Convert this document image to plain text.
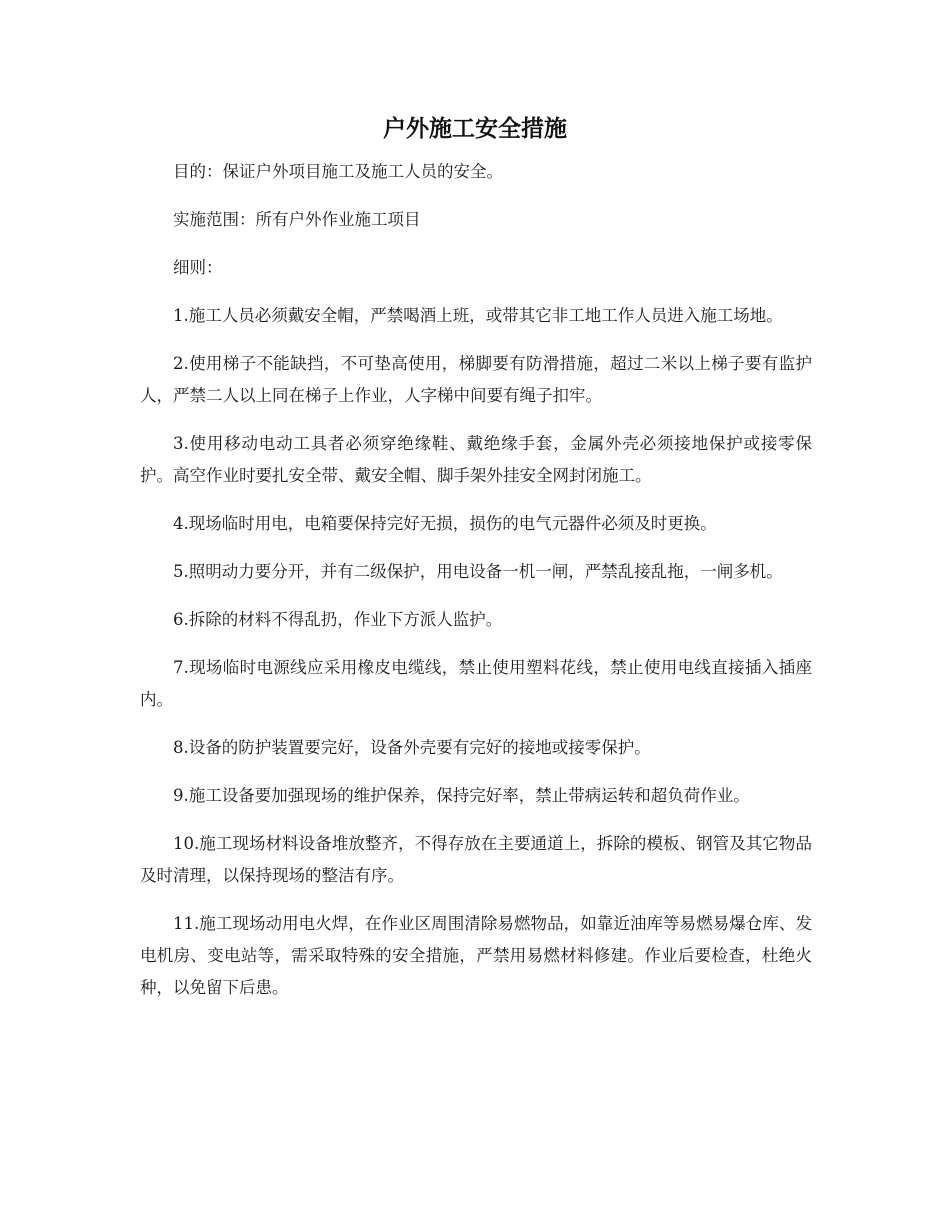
户外施工安全措施

目的：保证户外项目施工及施工人员的安全。

实施范围：所有户外作业施工项目

细则：

1.施工人员必须戴安全帽，严禁喝酒上班，或带其它非工地工作人员进入施工场地。

2.使用梯子不能缺挡，不可垫高使用，梯脚要有防滑措施，超过二米以上梯子要有监护人，严禁二人以上同在梯子上作业，人字梯中间要有绳子扣牢。

3.使用移动电动工具者必须穿绝缘鞋、戴绝缘手套，金属外壳必须接地保护或接零保护。高空作业时要扎安全带、戴安全帽、脚手架外挂安全网封闭施工。

4.现场临时用电，电箱要保持完好无损，损伤的电气元器件必须及时更换。

5.照明动力要分开，并有二级保护，用电设备一机一闸，严禁乱接乱拖，一闸多机。

6.拆除的材料不得乱扔，作业下方派人监护。

7.现场临时电源线应采用橡皮电缆线，禁止使用塑料花线，禁止使用电线直接插入插座内。

8.设备的防护装置要完好，设备外壳要有完好的接地或接零保护。

9.施工设备要加强现场的维护保养，保持完好率，禁止带病运转和超负荷作业。

10.施工现场材料设备堆放整齐，不得存放在主要通道上，拆除的模板、钢管及其它物品及时清理，以保持现场的整洁有序。

11.施工现场动用电火焊，在作业区周围清除易燃物品，如靠近油库等易燃易爆仓库、发电机房、变电站等，需采取特殊的安全措施，严禁用易燃材料修建。作业后要检查，杜绝火种，以免留下后患。
